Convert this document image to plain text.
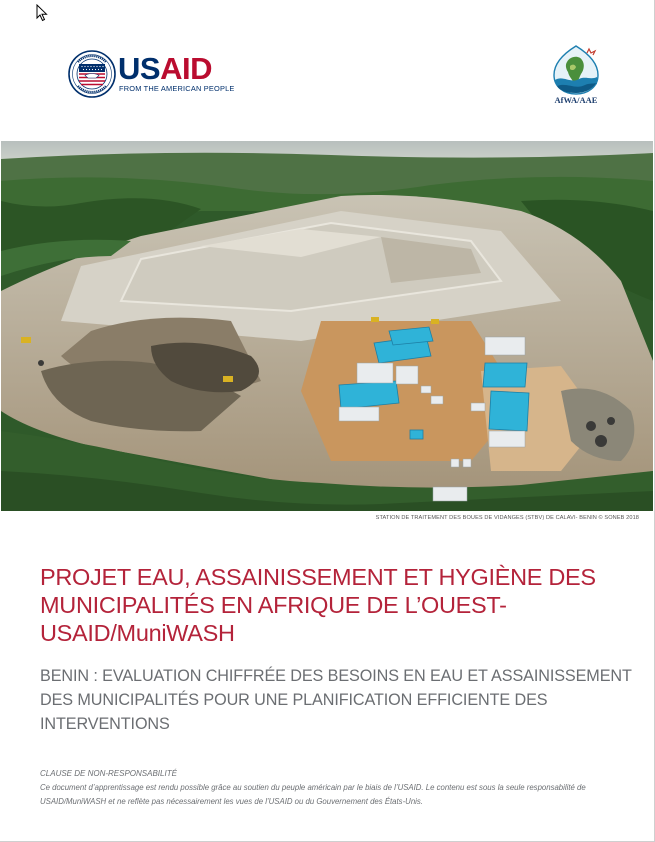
USAID
FROM THE AMERICAN PEOPLE
AfWA/AAE
STATION DE TRAITEMENT DES BOUES DE VIDANGES (STBV) DE CALAVI- BENIN © SONEB 2018
PROJET EAU, ASSAINISSEMENT ET HYGIÈNE DES MUNICIPALITÉS EN AFRIQUE DE L’OUEST- USAID/MuniWASH
BENIN : EVALUATION CHIFFRÉE DES BESOINS EN EAU ET ASSAINISSEMENT DES MUNICIPALITÉS POUR UNE PLANIFICATION EFFICIENTE DES INTERVENTIONS
CLAUSE DE NON-RESPONSABILITÉ
Ce document d’apprentissage est rendu possible grâce au soutien du peuple américain par le biais de l’USAID. Le contenu est sous la seule responsabilité de USAID/MuniWASH et ne reflète pas nécessairement les vues de l’USAID ou du Gouvernement des États-Unis.
